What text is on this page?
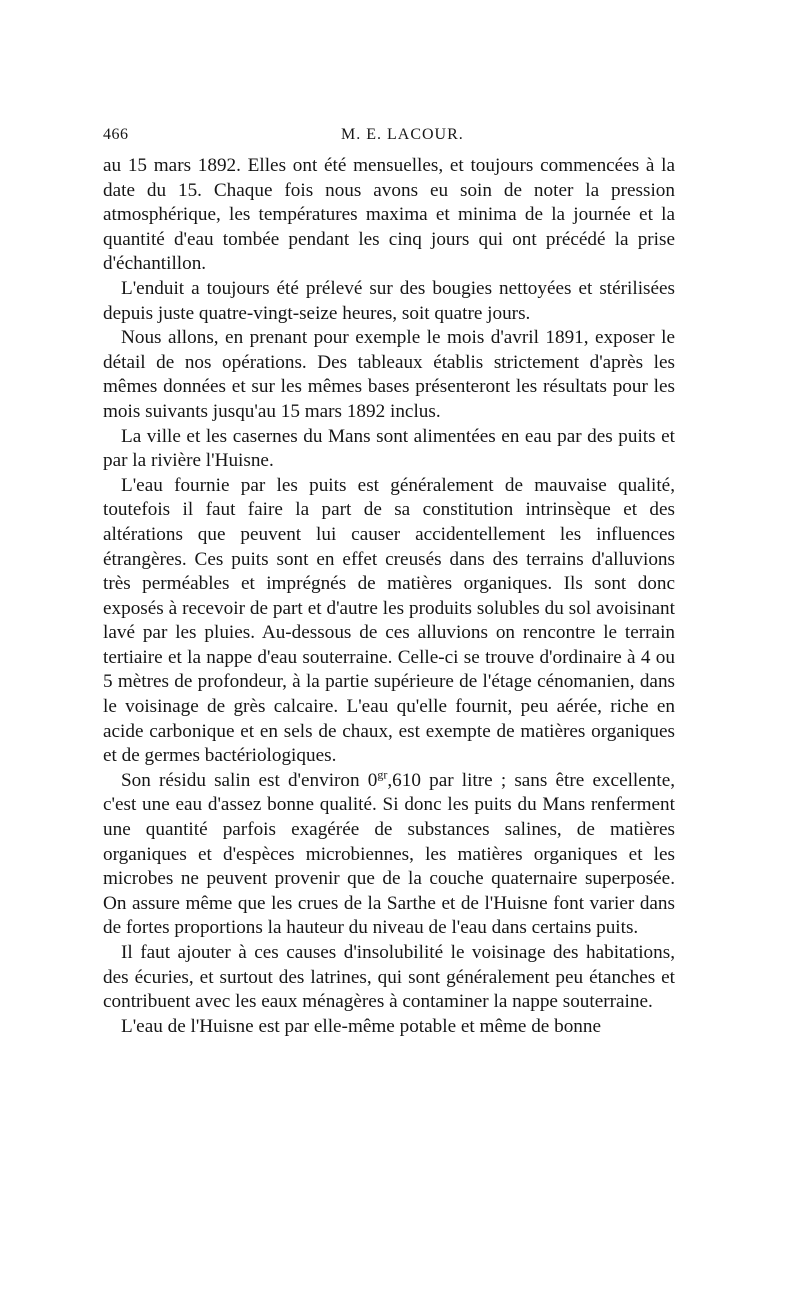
466	M. E. LACOUR.

au 15 mars 1892. Elles ont été mensuelles, et toujours commencées à la date du 15. Chaque fois nous avons eu soin de noter la pression atmosphérique, les températures maxima et minima de la journée et la quantité d'eau tombée pendant les cinq jours qui ont précédé la prise d'échantillon.

L'enduit a toujours été prélevé sur des bougies nettoyées et stérilisées depuis juste quatre-vingt-seize heures, soit quatre jours.

Nous allons, en prenant pour exemple le mois d'avril 1891, exposer le détail de nos opérations. Des tableaux établis strictement d'après les mêmes données et sur les mêmes bases présenteront les résultats pour les mois suivants jusqu'au 15 mars 1892 inclus.

La ville et les casernes du Mans sont alimentées en eau par des puits et par la rivière l'Huisne.

L'eau fournie par les puits est généralement de mauvaise qualité, toutefois il faut faire la part de sa constitution intrinsèque et des altérations que peuvent lui causer accidentellement les influences étrangères. Ces puits sont en effet creusés dans des terrains d'alluvions très perméables et imprégnés de matières organiques. Ils sont donc exposés à recevoir de part et d'autre les produits solubles du sol avoisinant lavé par les pluies. Au-dessous de ces alluvions on rencontre le terrain tertiaire et la nappe d'eau souterraine. Celle-ci se trouve d'ordinaire à 4 ou 5 mètres de profondeur, à la partie supérieure de l'étage cénomanien, dans le voisinage de grès calcaire. L'eau qu'elle fournit, peu aérée, riche en acide carbonique et en sels de chaux, est exempte de matières organiques et de germes bactériologiques.

Son résidu salin est d'environ $0^{gr},610$ par litre ; sans être excellente, c'est une eau d'assez bonne qualité. Si donc les puits du Mans renferment une quantité parfois exagérée de substances salines, de matières organiques et d'espèces microbiennes, les matières organiques et les microbes ne peuvent provenir que de la couche quaternaire superposée. On assure même que les crues de la Sarthe et de l'Huisne font varier dans de fortes proportions la hauteur du niveau de l'eau dans certains puits.

Il faut ajouter à ces causes d'insolubilité le voisinage des habitations, des écuries, et surtout des latrines, qui sont généralement peu étanches et contribuent avec les eaux ménagères à contaminer la nappe souterraine.

L'eau de l'Huisne est par elle-même potable et même de bonne
